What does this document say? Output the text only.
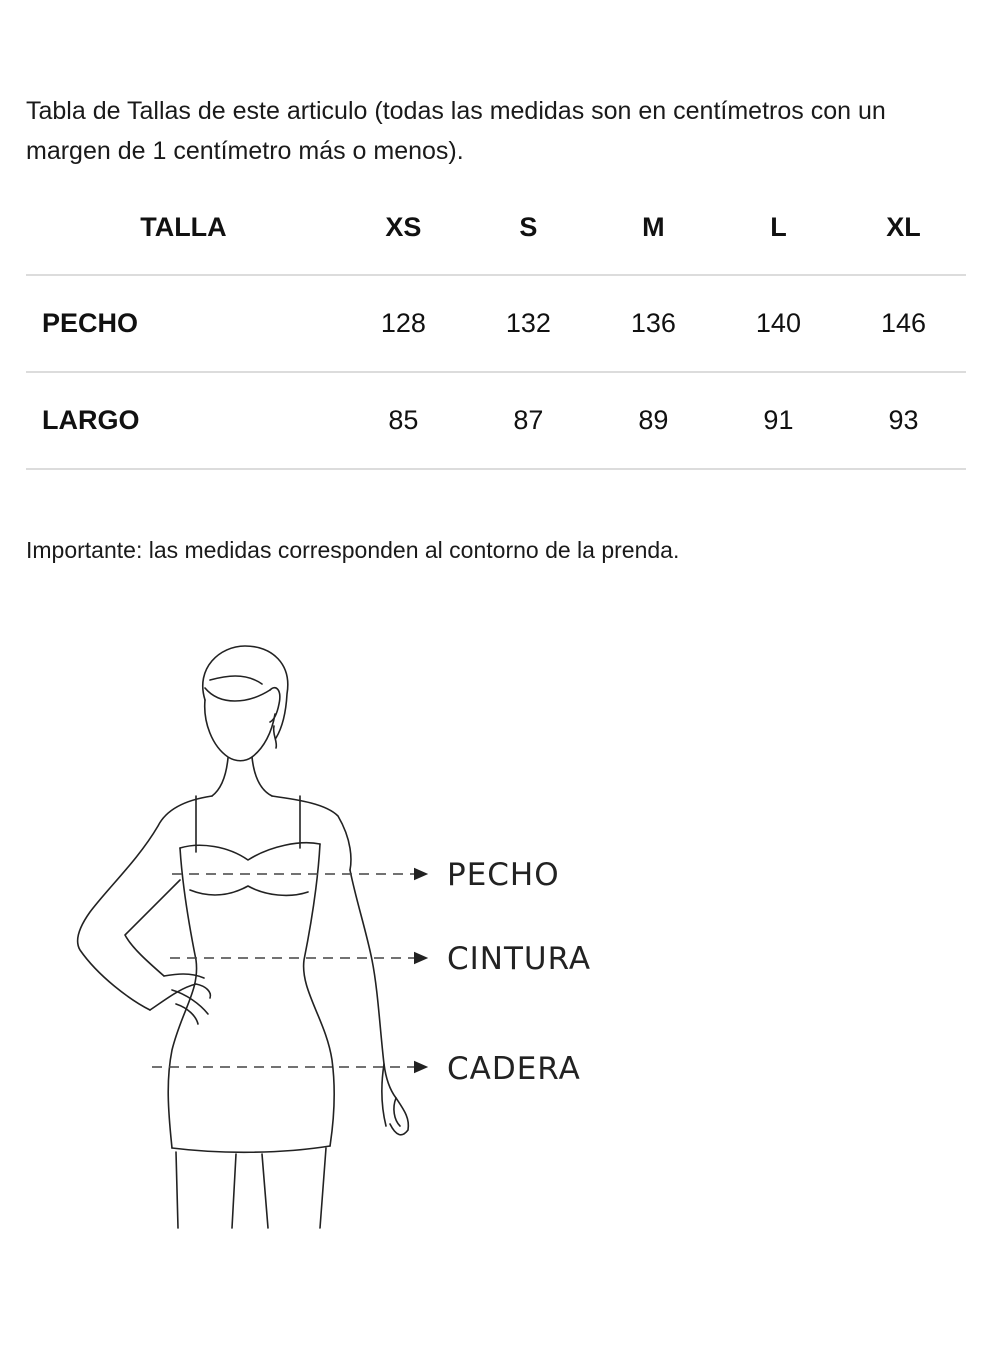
Tabla de Tallas de este articulo (todas las medidas son en centímetros con un margen de 1 centímetro más o menos).

TALLA	XS	S	M	L	XL
PECHO	128	132	136	140	146
LARGO	85	87	89	91	93

Importante: las medidas corresponden al contorno de la prenda.

PECHO
CINTURA
CADERA
